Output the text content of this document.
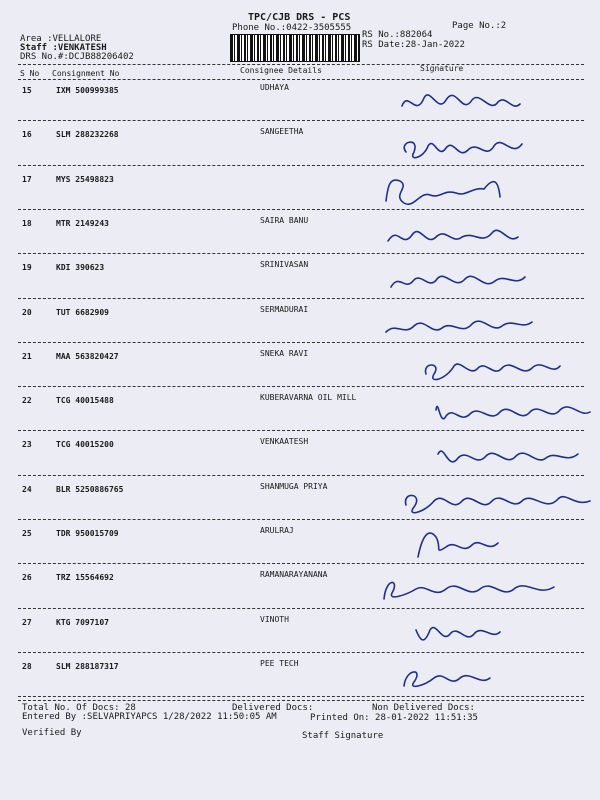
TPC/CJB DRS - PCS
Phone No.:0422-3505555
Area :VELLALORE
Staff :VENKATESH
DRS No.#:DCJB88206402
RS No.:882064
RS Date:28-Jan-2022
Page No.:2
S No Consignment No	Consignee Details	Signature
15	IXM 500999385	UDHAYA
16	SLM 288232268	SANGEETHA
17	MYS 25498823
18	MTR 2149243	SAIRA BANU
19	KDI 390623	SRINIVASAN
20	TUT 6682909	SERMADURAI
21	MAA 563820427	SNEKA RAVI
22	TCG 40015488	KUBERAVARNA OIL MILL
23	TCG 40015200	VENKAATESH
24	BLR 5250886765	SHANMUGA PRIYA
25	TDR 950015709	ARULRAJ
26	TRZ 15564692	RAMANARAYANANA
27	KTG 7097107	VINOTH
28	SLM 288187317	PEE TECH
Total No. Of Docs: 28	Delivered Docs:	Non Delivered Docs:
Entered By :SELVAPRIYAPCS 1/28/2022 11:50:05 AM	Printed On: 28-01-2022 11:51:35
Verified By	Staff Signature
